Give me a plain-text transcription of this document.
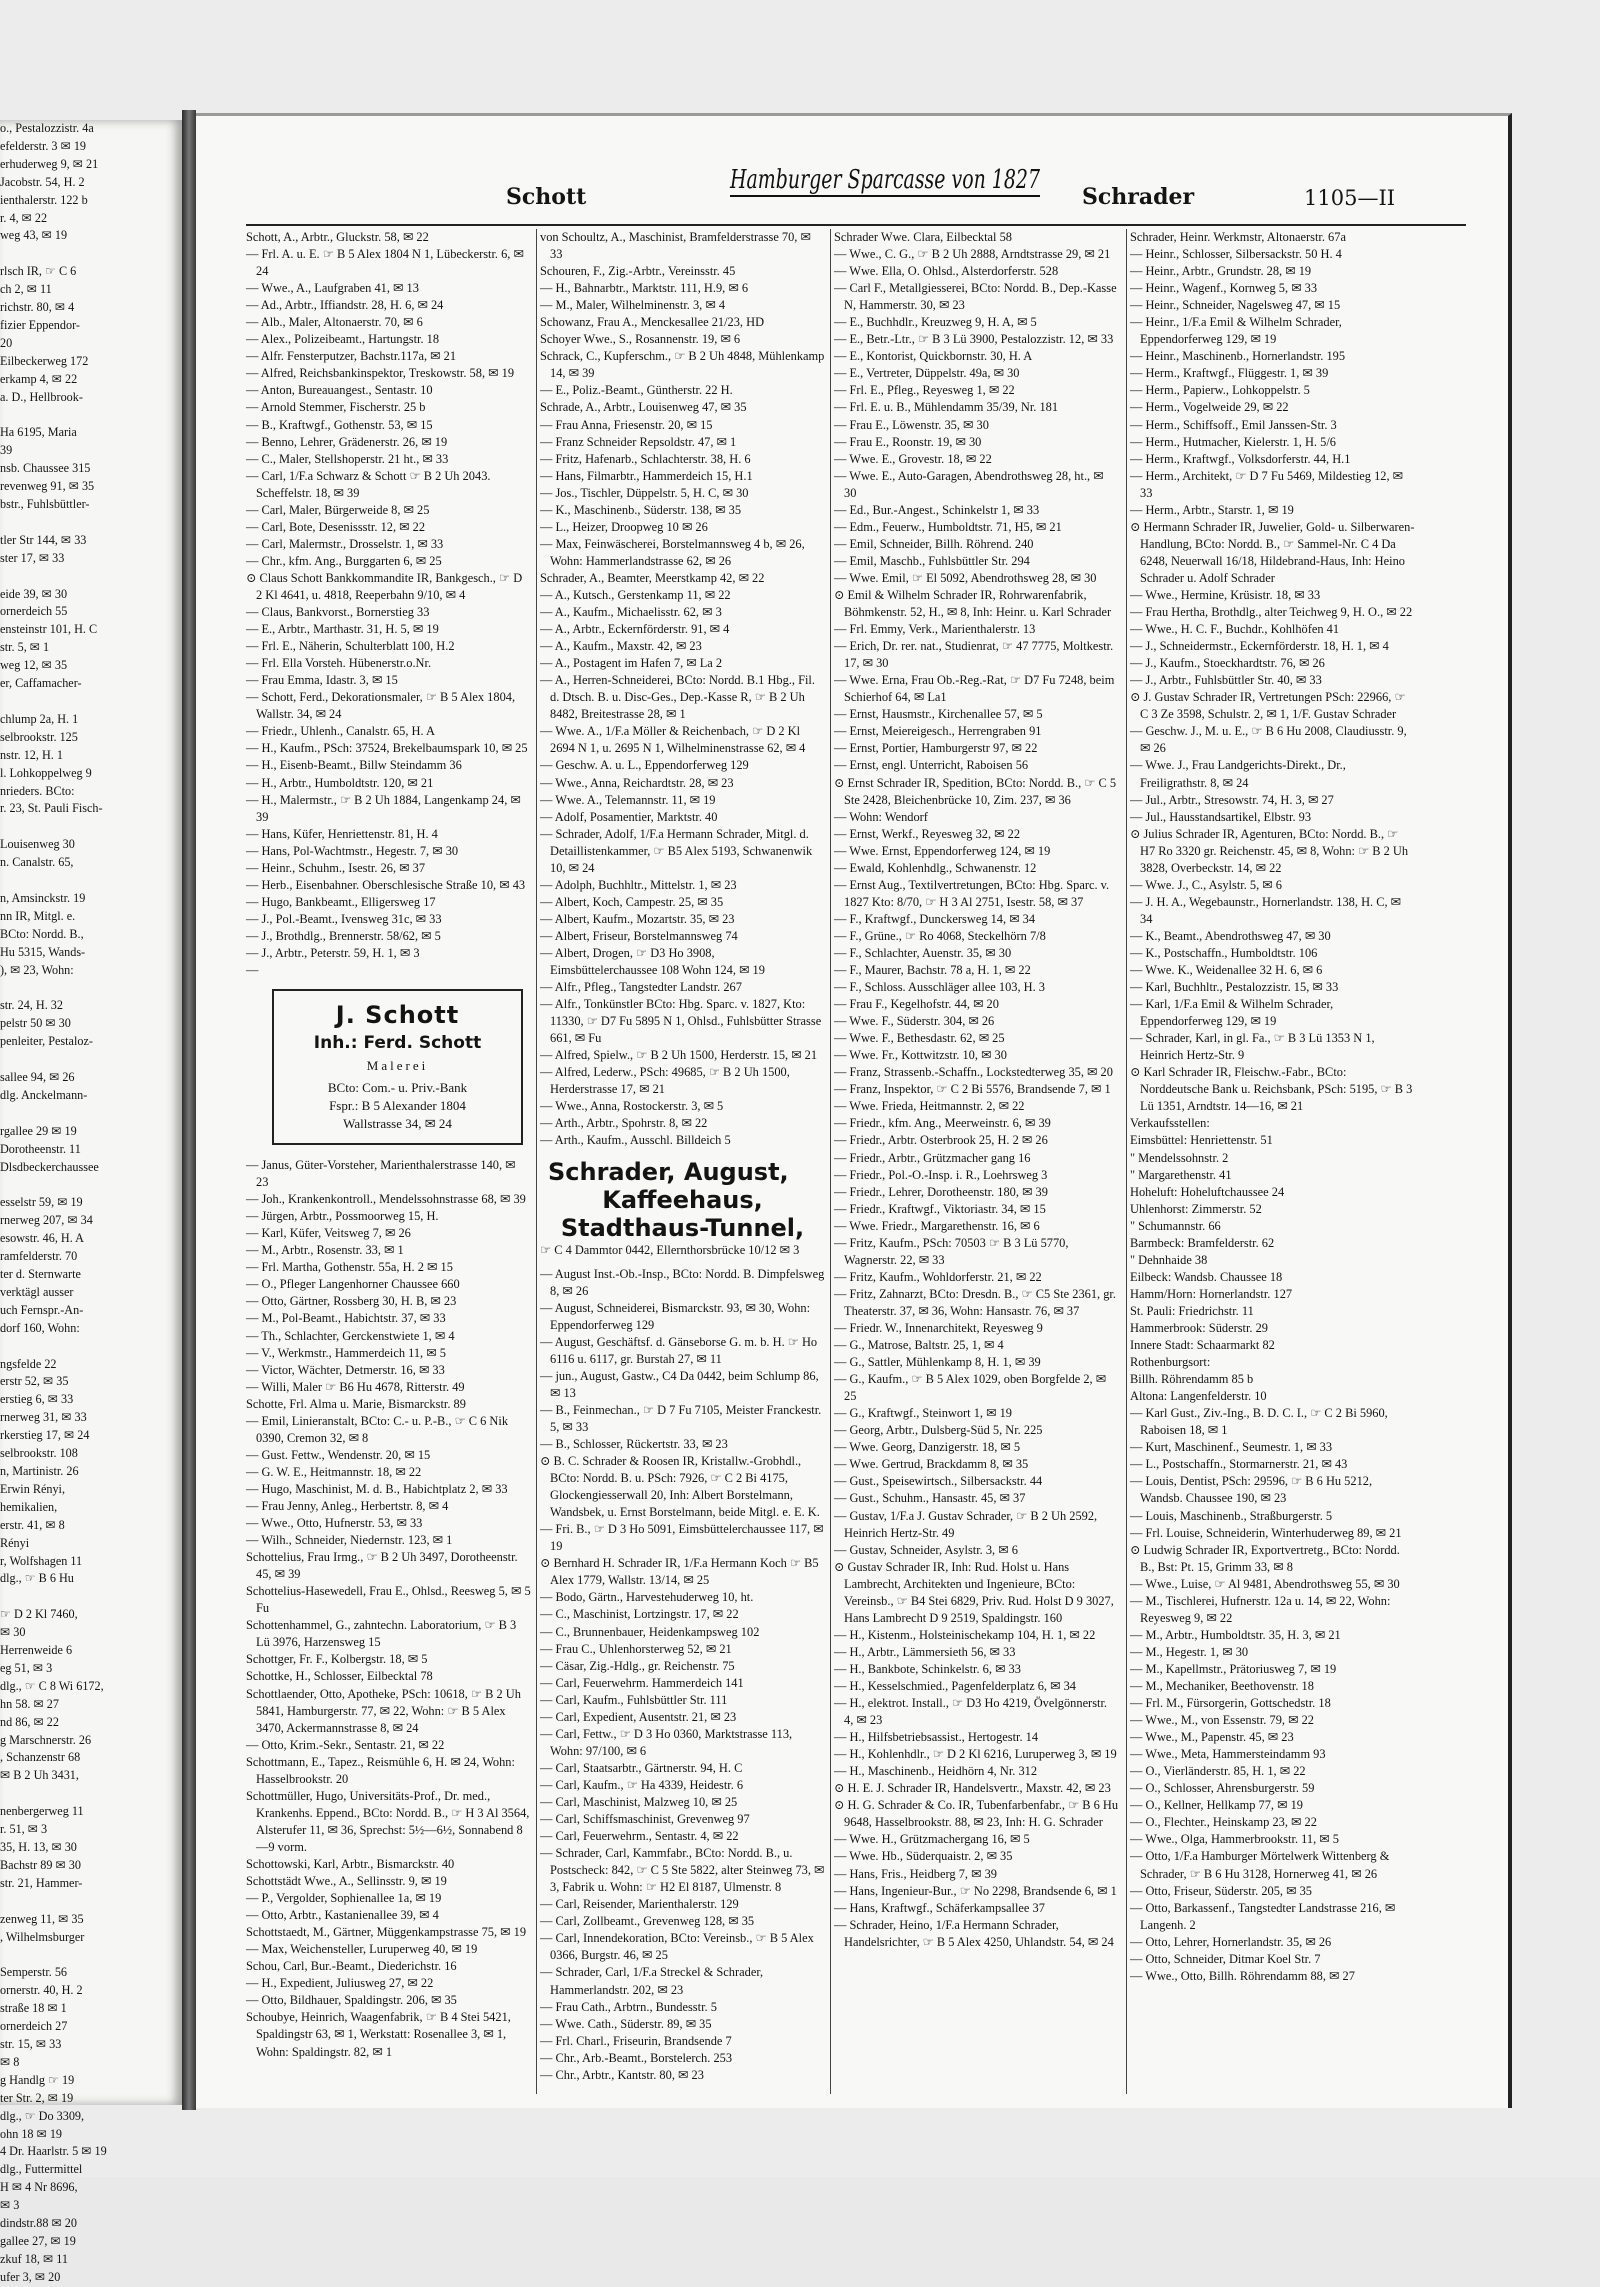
o., Pestalozzistr. 4a
efelderstr. 3 ✉ 19
erhuderweg 9, ✉ 21
Jacobstr. 54, H. 2
ienthalerstr. 122 b
r. 4, ✉ 22
weg 43, ✉ 19

rlsch IR, ☞ C 6
ch 2, ✉ 11
richstr. 80, ✉ 4
fizier Eppendor-
20
Eilbeckerweg 172
erkamp 4, ✉ 22
a. D., Hellbrook-

Ha 6195, Maria
39
nsb. Chaussee 315
revenweg 91, ✉ 35
bstr., Fuhlsbüttler-

tler Str 144, ✉ 33
ster 17, ✉ 33

eide 39, ✉ 30
ornerdeich 55
ensteinstr 101, H. C
str. 5, ✉ 1
weg 12, ✉ 35
er, Caffamacher-

chlump 2a, H. 1
selbrookstr. 125
nstr. 12, H. 1
l. Lohkoppelweg 9
nrieders. BCto:
r. 23, St. Pauli Fisch-

Louisenweg 30
n. Canalstr. 65,

n, Amsinckstr. 19
nn IR, Mitgl. e.
BCto: Nordd. B.,
Hu 5315, Wands-
), ✉ 23, Wohn:

str. 24, H. 32
pelstr 50 ✉ 30
penleiter, Pestaloz-

sallee 94, ✉ 26
dlg. Anckelmann-

rgallee 29 ✉ 19
Dorotheenstr. 11
Dlsdbeckerchaussee

esselstr 59, ✉ 19
rnerweg 207, ✉ 34
esowstr. 46, H. A
ramfelderstr. 70
ter d. Sternwarte
verktägl ausser
uch Fernspr.-An-
dorf 160, Wohn:

ngsfelde 22
erstr 52, ✉ 35
erstieg 6, ✉ 33
rnerweg 31, ✉ 33
rkerstieg 17, ✉ 24
selbrookstr. 108
n, Martinistr. 26
Erwin Rényi,
hemikalien,
erstr. 41, ✉ 8
Rényi
r, Wolfshagen 11
dlg., ☞ B 6 Hu

☞ D 2 Kl 7460,
✉ 30
Herrenweide 6
eg 51, ✉ 3
dlg., ☞ C 8 Wi 6172,
hn 58. ✉ 27
nd 86, ✉ 22
g Marschnerstr. 26
, Schanzenstr 68
✉ B 2 Uh 3431,

nenbergerweg 11
r. 51, ✉ 3
35, H. 13, ✉ 30
Bachstr 89 ✉ 30
str. 21, Hammer-

zenweg 11, ✉ 35
, Wilhelmsburger

Semperstr. 56
ornerstr. 40, H. 2
straße 18 ✉ 1
ornerdeich 27
str. 15, ✉ 33
✉ 8
g Handlg ☞ 19
ter Str. 2, ✉ 19
dlg., ☞ Do 3309,
ohn 18 ✉ 19
4 Dr. Haarlstr. 5 ✉ 19
dlg., Futtermittel
H ✉ 4 Nr 8696,
✉ 3
dindstr.88 ✉ 20
gallee 27, ✉ 19
zkuf 18, ✉ 11
ufer 3, ✉ 20
Schott
Hamburger Sparcasse von 1827
Schrader	1105—II

Schott, A., Arbtr., Gluckstr. 58, ✉ 22

— Frl. A. u. E. ☞ B 5 Alex 1804 N 1, Lübeckerstr. 6, ✉ 24

— Wwe., A., Laufgraben 41, ✉ 13

— Ad., Arbtr., Iffiandstr. 28, H. 6, ✉ 24

— Alb., Maler, Altonaerstr. 70, ✉ 6

— Alex., Polizeibeamt., Hartungstr. 18

— Alfr. Fensterputzer, Bachstr.117a, ✉ 21

— Alfred, Reichsbankinspektor, Treskowstr. 58, ✉ 19

— Anton, Bureauangest., Sentastr. 10

— Arnold Stemmer, Fischerstr. 25 b

— B., Kraftwgf., Gothenstr. 53, ✉ 15

— Benno, Lehrer, Grädenerstr. 26, ✉ 19

— C., Maler, Stellshoperstr. 21 ht., ✉ 33

— Carl, 1/F.a Schwarz & Schott ☞ B 2 Uh 2043. Scheffelstr. 18, ✉ 39

— Carl, Maler, Bürgerweide 8, ✉ 25

— Carl, Bote, Desenissstr. 12, ✉ 22

— Carl, Malermstr., Drosselstr. 1, ✉ 33

— Chr., kfm. Ang., Burggarten 6, ✉ 25

⊙ Claus Schott Bankkommandite IR, Bankgesch., ☞ D 2 Kl 4641, u. 4818, Reeperbahn 9/10, ✉ 4

— Claus, Bankvorst., Bornerstieg 33

— E., Arbtr., Marthastr. 31, H. 5, ✉ 19

— Frl. E., Näherin, Schulterblatt 100, H.2

— Frl. Ella Vorsteh. Hübenerstr.o.Nr.

— Frau Emma, Idastr. 3, ✉ 15

— Schott, Ferd., Dekorationsmaler, ☞ B 5 Alex 1804, Wallstr. 34, ✉ 24

— Friedr., Uhlenh., Canalstr. 65, H. A

— H., Kaufm., PSch: 37524, Brekelbaumspark 10, ✉ 25

— H., Eisenb-Beamt., Billw Steindamm 36

— H., Arbtr., Humboldtstr. 120, ✉ 21

— H., Malermstr., ☞ B 2 Uh 1884, Langenkamp 24, ✉ 39

— Hans, Küfer, Henriettenstr. 81, H. 4

— Hans, Pol-Wachtmstr., Hegestr. 7, ✉ 30

— Heinr., Schuhm., Isestr. 26, ✉ 37

— Herb., Eisenbahner. Oberschlesische Straße 10, ✉ 43

— Hugo, Bankbeamt., Elligersweg 17

— J., Pol.-Beamt., Ivensweg 31c, ✉ 33

— J., Brothdlg., Brennerstr. 58/62, ✉ 5

— J., Arbtr., Peterstr. 59, H. 1, ✉ 3

—

J. Schott
Inh.: Ferd. Schott
Malerei
BCto: Com.- u. Priv.-Bank
Fspr.: B 5 Alexander 1804
Wallstrasse 34, ✉ 24

— Janus, Güter-Vorsteher, Marienthalerstrasse 140, ✉ 23

— Joh., Krankenkontroll., Mendelssohnstrasse 68, ✉ 39

— Jürgen, Arbtr., Possmoorweg 15, H.

— Karl, Küfer, Veitsweg 7, ✉ 26

— M., Arbtr., Rosenstr. 33, ✉ 1

— Frl. Martha, Gothenstr. 55a, H. 2 ✉ 15

— O., Pfleger Langenhorner Chaussee 660

— Otto, Gärtner, Rossberg 30, H. B, ✉ 23

— M., Pol-Beamt., Habichtstr. 37, ✉ 33

— Th., Schlachter, Gerckenstwiete 1, ✉ 4

— V., Werkmstr., Hammerdeich 11, ✉ 5

— Victor, Wächter, Detmerstr. 16, ✉ 33

— Willi, Maler ☞ B6 Hu 4678, Ritterstr. 49

Schotte, Frl. Alma u. Marie, Bismarckstr. 89

— Emil, Linieranstalt, BCto: C.- u. P.-B., ☞ C 6 Nik 0390, Cremon 32, ✉ 8

— Gust. Fettw., Wendenstr. 20, ✉ 15

— G. W. E., Heitmannstr. 18, ✉ 22

— Hugo, Maschinist, M. d. B., Habichtplatz 2, ✉ 33

— Frau Jenny, Anleg., Herbertstr. 8, ✉ 4

— Wwe., Otto, Hufnerstr. 53, ✉ 33

— Wilh., Schneider, Niedernstr. 123, ✉ 1

Schottelius, Frau Irmg., ☞ B 2 Uh 3497, Dorotheenstr. 45, ✉ 39

Schottelius-Hasewedell, Frau E., Ohlsd., Reesweg 5, ✉ 5 Fu

Schottenhammel, G., zahntechn. Laboratorium, ☞ B 3 Lü 3976, Harzensweg 15

Schottger, Fr. F., Kolbergstr. 18, ✉ 5

Schottke, H., Schlosser, Eilbecktal 78

Schottlaender, Otto, Apotheke, PSch: 10618, ☞ B 2 Uh 5841, Hamburgerstr. 77, ✉ 22, Wohn: ☞ B 5 Alex 3470, Ackermannstrasse 8, ✉ 24

— Otto, Krim.-Sekr., Sentastr. 21, ✉ 22

Schottmann, E., Tapez., Reismühle 6, H. ✉ 24, Wohn: Hasselbrookstr. 20

Schottmüller, Hugo, Universitäts-Prof., Dr. med., Krankenhs. Eppend., BCto: Nordd. B., ☞ H 3 Al 3564, Alsterufer 11, ✉ 36, Sprechst: 5½—6½, Sonnabend 8—9 vorm.

Schottowski, Karl, Arbtr., Bismarckstr. 40

Schottstädt Wwe., A., Sellinsstr. 9, ✉ 19

— P., Vergolder, Sophienallee 1a, ✉ 19

— Otto, Arbtr., Kastanienallee 39, ✉ 4

Schottstaedt, M., Gärtner, Müggenkampstrasse 75, ✉ 19

— Max, Weichensteller, Luruperweg 40, ✉ 19

Schou, Carl, Bur.-Beamt., Diederichstr. 16

— H., Expedient, Juliusweg 27, ✉ 22

— Otto, Bildhauer, Spaldingstr. 206, ✉ 35

Schoubye, Heinrich, Waagenfabrik, ☞ B 4 Stei 5421, Spaldingstr 63, ✉ 1, Werkstatt: Rosenallee 3, ✉ 1, Wohn: Spaldingstr. 82, ✉ 1

von Schoultz, A., Maschinist, Bramfelderstrasse 70, ✉ 33

Schouren, F., Zig.-Arbtr., Vereinsstr. 45

— H., Bahnarbtr., Marktstr. 111, H.9, ✉ 6

— M., Maler, Wilhelminenstr. 3, ✉ 4

Schowanz, Frau A., Menckesallee 21/23, HD

Schoyer Wwe., S., Rosannenstr. 19, ✉ 6

Schrack, C., Kupferschm., ☞ B 2 Uh 4848, Mühlenkamp 14, ✉ 39

— E., Poliz.-Beamt., Güntherstr. 22 H.

Schrade, A., Arbtr., Louisenweg 47, ✉ 35

— Frau Anna, Friesenstr. 20, ✉ 15

— Franz Schneider Repsoldstr. 47, ✉ 1

— Fritz, Hafenarb., Schlachterstr. 38, H. 6

— Hans, Filmarbtr., Hammerdeich 15, H.1

— Jos., Tischler, Düppelstr. 5, H. C, ✉ 30

— K., Maschinenb., Süderstr. 138, ✉ 35

— L., Heizer, Droopweg 10 ✉ 26

— Max, Feinwäscherei, Borstelmannsweg 4 b, ✉ 26, Wohn: Hammerlandstrasse 62, ✉ 26

Schrader, A., Beamter, Meerstkamp 42, ✉ 22

— A., Kutsch., Gerstenkamp 11, ✉ 22

— A., Kaufm., Michaelisstr. 62, ✉ 3

— A., Arbtr., Eckernförderstr. 91, ✉ 4

— A., Kaufm., Maxstr. 42, ✉ 23

— A., Postagent im Hafen 7, ✉ La 2

— A., Herren-Schneiderei, BCto: Nordd. B.1 Hbg., Fil. d. Dtsch. B. u. Disc-Ges., Dep.-Kasse R, ☞ B 2 Uh 8482, Breitestrasse 28, ✉ 1

— Wwe. A., 1/F.a Möller & Reichenbach, ☞ D 2 Kl 2694 N 1, u. 2695 N 1, Wilhelminenstrasse 62, ✉ 4

— Geschw. A. u. L., Eppendorferweg 129

— Wwe., Anna, Reichardtstr. 28, ✉ 23

— Wwe. A., Telemannstr. 11, ✉ 19

— Adolf, Posamentier, Marktstr. 40

— Schrader, Adolf, 1/F.a Hermann Schrader, Mitgl. d. Detaillistenkammer, ☞ B5 Alex 5193, Schwanenwik 10, ✉ 24

— Adolph, Buchhltr., Mittelstr. 1, ✉ 23

— Albert, Koch, Campestr. 25, ✉ 35

— Albert, Kaufm., Mozartstr. 35, ✉ 23

— Albert, Friseur, Borstelmannsweg 74

— Albert, Drogen, ☞ D3 Ho 3908, Eimsbüttelerchaussee 108 Wohn 124, ✉ 19

— Alfr., Pfleg., Tangstedter Landstr. 267

— Alfr., Tonkünstler BCto: Hbg. Sparc. v. 1827, Kto: 11330, ☞ D7 Fu 5895 N 1, Ohlsd., Fuhlsbütter Strasse 661, ✉ Fu

— Alfred, Spielw., ☞ B 2 Uh 1500, Herderstr. 15, ✉ 21

— Alfred, Lederw., PSch: 49685, ☞ B 2 Uh 1500, Herderstrasse 17, ✉ 21

— Wwe., Anna, Rostockerstr. 3, ✉ 5

— Arth., Arbtr., Spohrstr. 8, ✉ 22

— Arth., Kaufm., Ausschl. Billdeich 5

Schrader, August,
Kaffeehaus,
Stadthaus-Tunnel,
☞ C 4 Dammtor 0442, Ellernthorsbrücke 10/12 ✉ 3

— August Inst.-Ob.-Insp., BCto: Nordd. B. Dimpfelsweg 8, ✉ 26

— August, Schneiderei, Bismarckstr. 93, ✉ 30, Wohn: Eppendorferweg 129

— August, Geschäftsf. d. Gänseborse G. m. b. H. ☞ Ho 6116 u. 6117, gr. Burstah 27, ✉ 11

— jun., August, Gastw., C4 Da 0442, beim Schlump 86, ✉ 13

— B., Feinmechan., ☞ D 7 Fu 7105, Meister Franckestr. 5, ✉ 33

— B., Schlosser, Rückertstr. 33, ✉ 23

⊙ B. C. Schrader & Roosen IR, Kristallw.-Grobhdl., BCto: Nordd. B. u. PSch: 7926, ☞ C 2 Bi 4175, Glockengiesserwall 20, Inh: Albert Borstelmann, Wandsbek, u. Ernst Borstelmann, beide Mitgl. e. E. K.

— Fri. B., ☞ D 3 Ho 5091, Eimsbüttelerchaussee 117, ✉ 19

⊙ Bernhard H. Schrader IR, 1/F.a Hermann Koch ☞ B5 Alex 1779, Wallstr. 13/14, ✉ 25

— Bodo, Gärtn., Harvestehuderweg 10, ht.

— C., Maschinist, Lortzingstr. 17, ✉ 22

— C., Brunnenbauer, Heidenkampsweg 102

— Frau C., Uhlenhorsterweg 52, ✉ 21

— Cäsar, Zig.-Hdlg., gr. Reichenstr. 75

— Carl, Feuerwehrm. Hammerdeich 141

— Carl, Kaufm., Fuhlsbüttler Str. 111

— Carl, Expedient, Ausentstr. 21, ✉ 23

— Carl, Fettw., ☞ D 3 Ho 0360, Marktstrasse 113, Wohn: 97/100, ✉ 6

— Carl, Staatsarbtr., Gärtnerstr. 94, H. C

— Carl, Kaufm., ☞ Ha 4339, Heidestr. 6

— Carl, Maschinist, Malzweg 10, ✉ 25

— Carl, Schiffsmaschinist, Grevenweg 97

— Carl, Feuerwehrm., Sentastr. 4, ✉ 22

— Schrader, Carl, Kammfabr., BCto: Nordd. B., u. Postscheck: 842, ☞ C 5 Ste 5822, alter Steinweg 73, ✉ 3, Fabrik u. Wohn: ☞ H2 El 8187, Ulmenstr. 8

— Carl, Reisender, Marienthalerstr. 129

— Carl, Zollbeamt., Grevenweg 128, ✉ 35

— Carl, Innendekoration, BCto: Vereinsb., ☞ B 5 Alex 0366, Burgstr. 46, ✉ 25

— Schrader, Carl, 1/F.a Streckel & Schrader, Hammerlandstr. 202, ✉ 23

— Frau Cath., Arbtrn., Bundesstr. 5

— Wwe. Cath., Süderstr. 89, ✉ 35

— Frl. Charl., Friseurin, Brandsende 7

— Chr., Arb.-Beamt., Borstelerch. 253

— Chr., Arbtr., Kantstr. 80, ✉ 23

Schrader Wwe. Clara, Eilbecktal 58

— Wwe., C. G., ☞ B 2 Uh 2888, Arndtstrasse 29, ✉ 21

— Wwe. Ella, O. Ohlsd., Alsterdorferstr. 528

— Carl F., Metallgiesserei, BCto: Nordd. B., Dep.-Kasse N, Hammerstr. 30, ✉ 23

— E., Buchhdlr., Kreuzweg 9, H. A, ✉ 5

— E., Betr.-Ltr., ☞ B 3 Lü 3900, Pestalozzistr. 12, ✉ 33

— E., Kontorist, Quickbornstr. 30, H. A

— E., Vertreter, Düppelstr. 49a, ✉ 30

— Frl. E., Pfleg., Reyesweg 1, ✉ 22

— Frl. E. u. B., Mühlendamm 35/39, Nr. 181

— Frau E., Löwenstr. 35, ✉ 30

— Frau E., Roonstr. 19, ✉ 30

— Wwe. E., Grovestr. 18, ✉ 22

— Wwe. E., Auto-Garagen, Abendrothsweg 28, ht., ✉ 30

— Ed., Bur.-Angest., Schinkelstr 1, ✉ 33

— Edm., Feuerw., Humboldtstr. 71, H5, ✉ 21

— Emil, Schneider, Billh. Röhrend. 240

— Emil, Maschb., Fuhlsbüttler Str. 294

— Wwe. Emil, ☞ El 5092, Abendrothsweg 28, ✉ 30

⊙ Emil & Wilhelm Schrader IR, Rohrwarenfabrik, Böhmkenstr. 52, H., ✉ 8, Inh: Heinr. u. Karl Schrader

— Frl. Emmy, Verk., Marienthalerstr. 13

— Erich, Dr. rer. nat., Studienrat, ☞ 47 7775, Moltkestr. 17, ✉ 30

— Wwe. Erna, Frau Ob.-Reg.-Rat, ☞ D7 Fu 7248, beim Schierhof 64, ✉ La1

— Ernst, Hausmstr., Kirchenallee 57, ✉ 5

— Ernst, Meiereigesch., Herrengraben 91

— Ernst, Portier, Hamburgerstr 97, ✉ 22

— Ernst, engl. Unterricht, Raboisen 56

⊙ Ernst Schrader IR, Spedition, BCto: Nordd. B., ☞ C 5 Ste 2428, Bleichenbrücke 10, Zim. 237, ✉ 36

— Wohn: Wendorf

— Ernst, Werkf., Reyesweg 32, ✉ 22

— Wwe. Ernst, Eppendorferweg 124, ✉ 19

— Ewald, Kohlenhdlg., Schwanenstr. 12

— Ernst Aug., Textilvertretungen, BCto: Hbg. Sparc. v. 1827 Kto: 8/70, ☞ H 3 Al 2751, Isestr. 58, ✉ 37

— F., Kraftwgf., Dunckersweg 14, ✉ 34

— F., Grüne., ☞ Ro 4068, Steckelhörn 7/8

— F., Schlachter, Auenstr. 35, ✉ 30

— F., Maurer, Bachstr. 78 a, H. 1, ✉ 22

— F., Schloss. Ausschläger allee 103, H. 3

— Frau F., Kegelhofstr. 44, ✉ 20

— Wwe. F., Süderstr. 304, ✉ 26

— Wwe. F., Bethesdastr. 62, ✉ 25

— Wwe. Fr., Kottwitzstr. 10, ✉ 30

— Franz, Strassenb.-Schaffn., Lockstedterweg 35, ✉ 20

— Franz, Inspektor, ☞ C 2 Bi 5576, Brandsende 7, ✉ 1

— Wwe. Frieda, Heitmannstr. 2, ✉ 22

— Friedr., kfm. Ang., Meerweinstr. 6, ✉ 39

— Friedr., Arbtr. Osterbrook 25, H. 2 ✉ 26

— Friedr., Arbtr., Grützmacher gang 16

— Friedr., Pol.-O.-Insp. i. R., Loehrsweg 3

— Friedr., Lehrer, Dorotheenstr. 180, ✉ 39

— Friedr., Kraftwgf., Viktoriastr. 34, ✉ 15

— Wwe. Friedr., Margarethenstr. 16, ✉ 6

— Fritz, Kaufm., PSch: 70503 ☞ B 3 Lü 5770, Wagnerstr. 22, ✉ 33

— Fritz, Kaufm., Wohldorferstr. 21, ✉ 22

— Fritz, Zahnarzt, BCto: Dresdn. B., ☞ C5 Ste 2361, gr. Theaterstr. 37, ✉ 36, Wohn: Hansastr. 76, ✉ 37

— Friedr. W., Innenarchitekt, Reyesweg 9

— G., Matrose, Baltstr. 25, 1, ✉ 4

— G., Sattler, Mühlenkamp 8, H. 1, ✉ 39

— G., Kaufm., ☞ B 5 Alex 1029, oben Borgfelde 2, ✉ 25

— G., Kraftwgf., Steinwort 1, ✉ 19

— Georg, Arbtr., Dulsberg-Süd 5, Nr. 225

— Wwe. Georg, Danzigerstr. 18, ✉ 5

— Wwe. Gertrud, Brackdamm 8, ✉ 35

— Gust., Speisewirtsch., Silbersackstr. 44

— Gust., Schuhm., Hansastr. 45, ✉ 37

— Gustav, 1/F.a J. Gustav Schrader, ☞ B 2 Uh 2592, Heinrich Hertz-Str. 49

— Gustav, Schneider, Asylstr. 3, ✉ 6

⊙ Gustav Schrader IR, Inh: Rud. Holst u. Hans Lambrecht, Architekten und Ingenieure, BCto: Vereinsb., ☞ B4 Stei 6829, Priv. Rud. Holst D 9 3027, Hans Lambrecht D 9 2519, Spaldingstr. 160

— H., Kistenm., Holsteinischekamp 104, H. 1, ✉ 22

— H., Arbtr., Lämmersieth 56, ✉ 33

— H., Bankbote, Schinkelstr. 6, ✉ 33

— H., Kesselschmied., Pagenfelderplatz 6, ✉ 34

— H., elektrot. Install., ☞ D3 Ho 4219, Övelgönnerstr. 4, ✉ 23

— H., Hilfsbetriebsassist., Hertogestr. 14

— H., Kohlenhdlr., ☞ D 2 Kl 6216, Luruperweg 3, ✉ 19

— H., Maschinenb., Heidhörn 4, Nr. 312

⊙ H. E. J. Schrader IR, Handelsvertr., Maxstr. 42, ✉ 23

⊙ H. G. Schrader & Co. IR, Tubenfarbenfabr., ☞ B 6 Hu 9648, Hasselbrookstr. 88, ✉ 23, Inh: H. G. Schrader

— Wwe. H., Grützmachergang 16, ✉ 5

— Wwe. Hb., Süderquaistr. 2, ✉ 35

— Hans, Fris., Heidberg 7, ✉ 39

— Hans, Ingenieur-Bur., ☞ No 2298, Brandsende 6, ✉ 1

— Hans, Kraftwgf., Schäferkampsallee 37

— Schrader, Heino, 1/F.a Hermann Schrader, Handelsrichter, ☞ B 5 Alex 4250, Uhlandstr. 54, ✉ 24

Schrader, Heinr. Werkmstr, Altonaerstr. 67a

— Heinr., Schlosser, Silbersackstr. 50 H. 4

— Heinr., Arbtr., Grundstr. 28, ✉ 19

— Heinr., Wagenf., Kornweg 5, ✉ 33

— Heinr., Schneider, Nagelsweg 47, ✉ 15

— Heinr., 1/F.a Emil & Wilhelm Schrader, Eppendorferweg 129, ✉ 19

— Heinr., Maschinenb., Hornerlandstr. 195

— Herm., Kraftwgf., Flüggestr. 1, ✉ 39

— Herm., Papierw., Lohkoppelstr. 5

— Herm., Vogelweide 29, ✉ 22

— Herm., Schiffsoff., Emil Janssen-Str. 3

— Herm., Hutmacher, Kielerstr. 1, H. 5/6

— Herm., Kraftwgf., Volksdorferstr. 44, H.1

— Herm., Architekt, ☞ D 7 Fu 5469, Mildestieg 12, ✉ 33

— Herm., Arbtr., Starstr. 1, ✉ 19

⊙ Hermann Schrader IR, Juwelier, Gold- u. Silberwaren-Handlung, BCto: Nordd. B., ☞ Sammel-Nr. C 4 Da 6248, Neuerwall 16/18, Hildebrand-Haus, Inh: Heino Schrader u. Adolf Schrader

— Wwe., Hermine, Krüsistr. 18, ✉ 33

— Frau Hertha, Brothdlg., alter Teichweg 9, H. O., ✉ 22

— Wwe., H. C. F., Buchdr., Kohlhöfen 41

— J., Schneidermstr., Eckernförderstr. 18, H. 1, ✉ 4

— J., Kaufm., Stoeckhardtstr. 76, ✉ 26

— J., Arbtr., Fuhlsbüttler Str. 40, ✉ 33

⊙ J. Gustav Schrader IR, Vertretungen PSch: 22966, ☞ C 3 Ze 3598, Schulstr. 2, ✉ 1, 1/F. Gustav Schrader

— Geschw. J., M. u. E., ☞ B 6 Hu 2008, Claudiusstr. 9, ✉ 26

— Wwe. J., Frau Landgerichts-Direkt., Dr., Freiligrathstr. 8, ✉ 24

— Jul., Arbtr., Stresowstr. 74, H. 3, ✉ 27

— Jul., Hausstandsartikel, Elbstr. 93

⊙ Julius Schrader IR, Agenturen, BCto: Nordd. B., ☞ H7 Ro 3320 gr. Reichenstr. 45, ✉ 8, Wohn: ☞ B 2 Uh 3828, Overbeckstr. 14, ✉ 22

— Wwe. J., C., Asylstr. 5, ✉ 6

— J. H. A., Wegebaunstr., Hornerlandstr. 138, H. C, ✉ 34

— K., Beamt., Abendrothsweg 47, ✉ 30

— K., Postschaffn., Humboldtstr. 106

— Wwe. K., Weidenallee 32 H. 6, ✉ 6

— Karl, Buchhltr., Pestalozzistr. 15, ✉ 33

— Karl, 1/F.a Emil & Wilhelm Schrader, Eppendorferweg 129, ✉ 19

— Schrader, Karl, in gl. Fa., ☞ B 3 Lü 1353 N 1, Heinrich Hertz-Str. 9

⊙ Karl Schrader IR, Fleischw.-Fabr., BCto: Norddeutsche Bank u. Reichsbank, PSch: 5195, ☞ B 3 Lü 1351, Arndtstr. 14—16, ✉ 21

Verkaufsstellen:

Eimsbüttel: Henriettenstr. 51

" Mendelssohnstr. 2

" Margarethenstr. 41

Hoheluft: Hoheluftchaussee 24

Uhlenhorst: Zimmerstr. 52

" Schumannstr. 66

Barmbeck: Bramfelderstr. 62

" Dehnhaide 38

Eilbeck: Wandsb. Chaussee 18

Hamm/Horn: Hornerlandstr. 127

St. Pauli: Friedrichstr. 11

Hammerbrook: Süderstr. 29

Innere Stadt: Schaarmarkt 82

Rothenburgsort:

Billh. Röhrendamm 85 b

Altona: Langenfelderstr. 10

— Karl Gust., Ziv.-Ing., B. D. C. I., ☞ C 2 Bi 5960, Raboisen 18, ✉ 1

— Kurt, Maschinenf., Seumestr. 1, ✉ 33

— L., Postschaffn., Stormarnerstr. 21, ✉ 43

— Louis, Dentist, PSch: 29596, ☞ B 6 Hu 5212, Wandsb. Chaussee 190, ✉ 23

— Louis, Maschinenb., Straßburgerstr. 5

— Frl. Louise, Schneiderin, Winterhuderweg 89, ✉ 21

⊙ Ludwig Schrader IR, Exportvertretg., BCto: Nordd. B., Bst: Pt. 15, Grimm 33, ✉ 8

— Wwe., Luise, ☞ Al 9481, Abendrothsweg 55, ✉ 30

— M., Tischlerei, Hufnerstr. 12a u. 14, ✉ 22, Wohn: Reyesweg 9, ✉ 22

— M., Arbtr., Humboldtstr. 35, H. 3, ✉ 21

— M., Hegestr. 1, ✉ 30

— M., Kapellmstr., Prätoriusweg 7, ✉ 19

— M., Mechaniker, Beethovenstr. 18

— Frl. M., Fürsorgerin, Gottschedstr. 18

— Wwe., M., von Essenstr. 79, ✉ 22

— Wwe., M., Papenstr. 45, ✉ 23

— Wwe., Meta, Hammersteindamm 93

— O., Vierländerstr. 85, H. 1, ✉ 22

— O., Schlosser, Ahrensburgerstr. 59

— O., Kellner, Hellkamp 77, ✉ 19

— O., Flechter., Heinskamp 23, ✉ 22

— Wwe., Olga, Hammerbrookstr. 11, ✉ 5

— Otto, 1/F.a Hamburger Mörtelwerk Wittenberg & Schrader, ☞ B 6 Hu 3128, Hornerweg 41, ✉ 26

— Otto, Friseur, Süderstr. 205, ✉ 35

— Otto, Barkassenf., Tangstedter Landstrasse 216, ✉ Langenh. 2

— Otto, Lehrer, Hornerlandstr. 35, ✉ 26

— Otto, Schneider, Ditmar Koel Str. 7

— Wwe., Otto, Billh. Röhrendamm 88, ✉ 27
